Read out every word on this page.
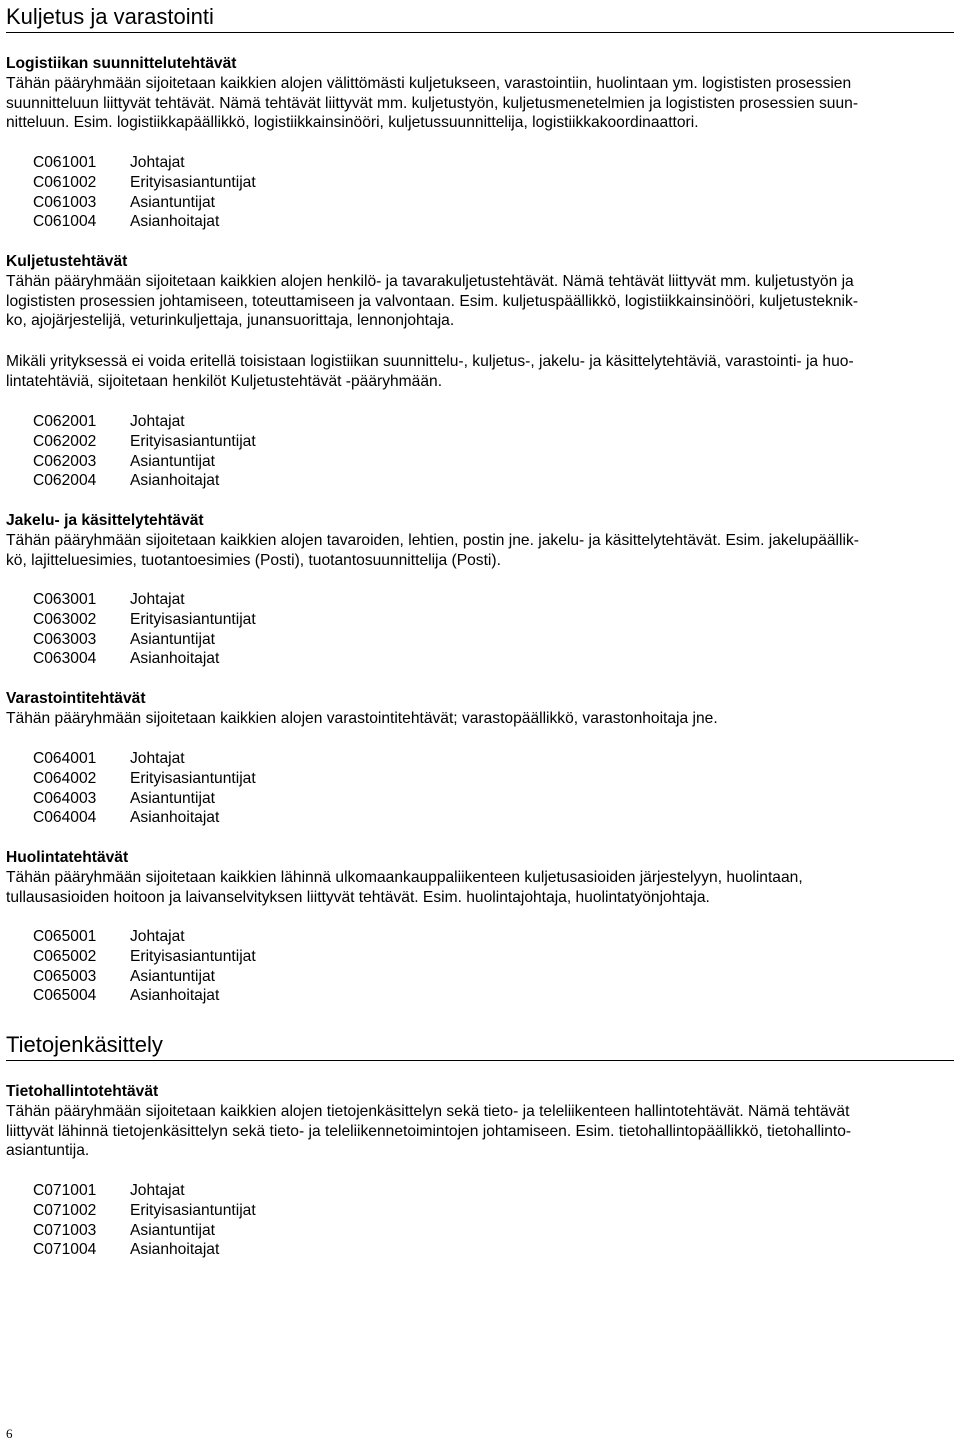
Kuljetus ja varastointi
Logistiikan suunnittelutehtävät
Tähän pääryhmään sijoitetaan kaikkien alojen välittömästi kuljetukseen, varastointiin, huolintaan ym. logististen prosessien
suunnitteluun liittyvät tehtävät. Nämä tehtävät liittyvät mm. kuljetustyön, kuljetusmenetelmien ja logististen prosessien suun-
nitteluun. Esim. logistiikkapäällikkö, logistiikkainsinööri, kuljetussuunnittelija, logistiikkakoordinaattori.
C061001	Johtajat
C061002	Erityisasiantuntijat
C061003	Asiantuntijat
C061004	Asianhoitajat
Kuljetustehtävät
Tähän pääryhmään sijoitetaan kaikkien alojen henkilö- ja tavarakuljetustehtävät. Nämä tehtävät liittyvät mm. kuljetustyön ja
logististen prosessien johtamiseen, toteuttamiseen ja valvontaan. Esim. kuljetuspäällikkö, logistiikkainsinööri, kuljetusteknik-
ko, ajojärjestelijä, veturinkuljettaja, junansuorittaja, lennonjohtaja.
Mikäli yrityksessä ei voida eritellä toisistaan logistiikan suunnittelu-, kuljetus-, jakelu- ja käsittelytehtäviä, varastointi- ja huo-
lintatehtäviä, sijoitetaan henkilöt Kuljetustehtävät -pääryhmään.
C062001	Johtajat
C062002	Erityisasiantuntijat
C062003	Asiantuntijat
C062004	Asianhoitajat
Jakelu- ja käsittelytehtävät
Tähän pääryhmään sijoitetaan kaikkien alojen tavaroiden, lehtien, postin jne. jakelu- ja käsittelytehtävät. Esim. jakelupäällik-
kö, lajitteluesimies, tuotantoesimies (Posti), tuotantosuunnittelija (Posti).
C063001	Johtajat
C063002	Erityisasiantuntijat
C063003	Asiantuntijat
C063004	Asianhoitajat
Varastointitehtävät
Tähän pääryhmään sijoitetaan kaikkien alojen varastointitehtävät; varastopäällikkö, varastonhoitaja jne.
C064001	Johtajat
C064002	Erityisasiantuntijat
C064003	Asiantuntijat
C064004	Asianhoitajat
Huolintatehtävät
Tähän pääryhmään sijoitetaan kaikkien lähinnä ulkomaankauppaliikenteen kuljetusasioiden järjestelyyn, huolintaan,
tullausasioiden hoitoon ja laivanselvityksen liittyvät tehtävät. Esim. huolintajohtaja, huolintatyönjohtaja.
C065001	Johtajat
C065002	Erityisasiantuntijat
C065003	Asiantuntijat
C065004	Asianhoitajat
Tietojenkäsittely
Tietohallintotehtävät
Tähän pääryhmään sijoitetaan kaikkien alojen tietojenkäsittelyn sekä tieto- ja teleliikenteen hallintotehtävät. Nämä tehtävät
liittyvät lähinnä tietojenkäsittelyn sekä tieto- ja teleliikennetoimintojen johtamiseen. Esim. tietohallintopäällikkö, tietohallinto-
asiantuntija.
C071001	Johtajat
C071002	Erityisasiantuntijat
C071003	Asiantuntijat
C071004	Asianhoitajat
6
